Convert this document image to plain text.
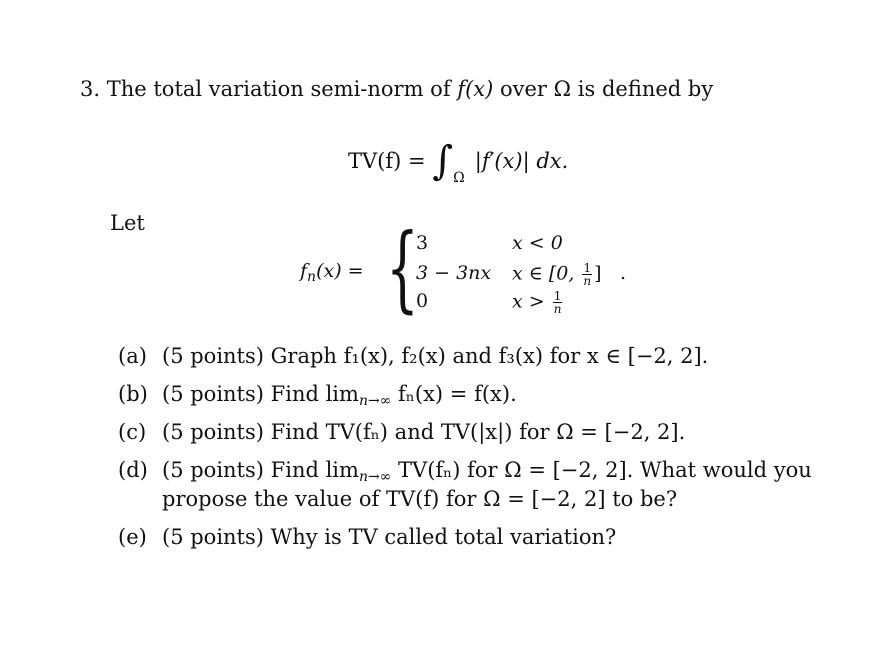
3. The total variation semi-norm of f(x) over Ω is defined by
TV(f) = ∫Ω|f′(x)| dx.
Let
$f_n(x)$ = {
3	x < 0
3 − 3nx x ∈ [0, $\frac{1}{n}$ ]
0	$x > \frac{1}{n}$
.
(a) (5 points) Graph f₁(x), f₂(x) and f₃(x) for x ∈ [−2, 2].
(b) (5 points) Find $\lim_{n\to\infty} f_n(x) = f(x)$.
(c) (5 points) Find TV(fₙ) and TV(|x|) for Ω = [−2, 2].
(d) (5 points) Find $\lim_{n\to\infty} TV(f_n)$ for Ω = [−2, 2]. What would you
propose the value of TV(f) for Ω = [−2, 2] to be?
(e) (5 points) Why is TV called total variation?
